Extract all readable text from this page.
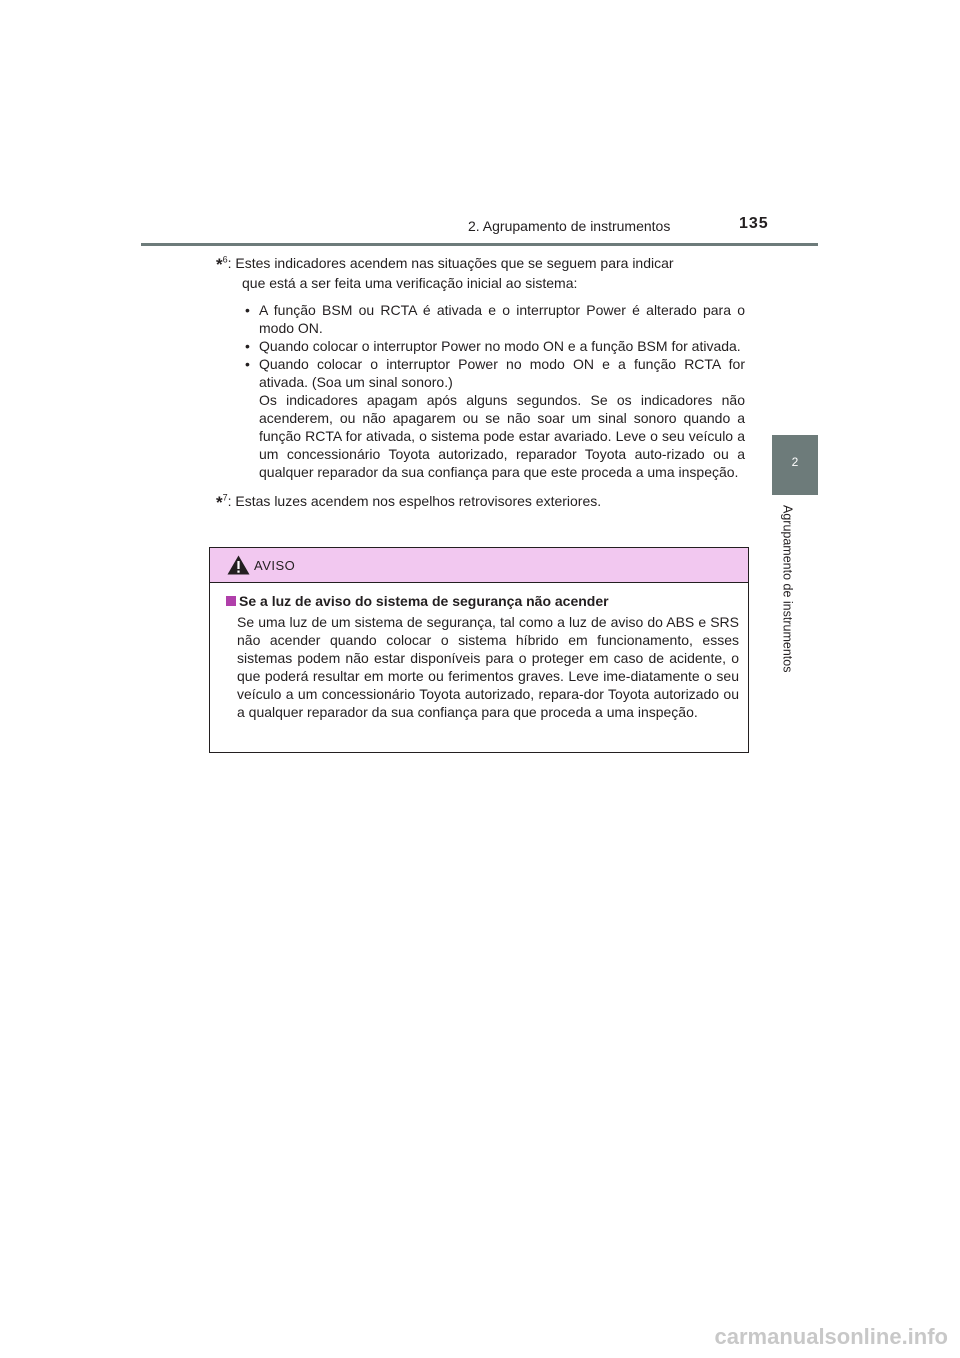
2. Agrupamento de instrumentos	135
2
Agrupamento de instrumentos
*$^6$ : Estes indicadores acendem nas situações que se seguem para indicar
que está a ser feita uma verificação inicial ao sistema:
• A função BSM ou RCTA é ativada e o interruptor Power é alterado para o modo ON.
• Quando colocar o interruptor Power no modo ON e a função BSM for ativada.
• Quando colocar o interruptor Power no modo ON e a função RCTA for ativada. (Soa um sinal sonoro.)
Os indicadores apagam após alguns segundos. Se os indicadores não acenderem, ou não apagarem ou se não soar um sinal sonoro quando a função RCTA for ativada, o sistema pode estar avariado. Leve o seu veículo a um concessionário Toyota autorizado, reparador Toyota auto-rizado ou a qualquer reparador da sua confiança para que este proceda a uma inspeção.
*$^7$ : Estas luzes acendem nos espelhos retrovisores exteriores.
AVISO
Se a luz de aviso do sistema de segurança não acender
Se uma luz de um sistema de segurança, tal como a luz de aviso do ABS e SRS não acender quando colocar o sistema híbrido em funcionamento, esses sistemas podem não estar disponíveis para o proteger em caso de acidente, o que poderá resultar em morte ou ferimentos graves. Leve ime-diatamente o seu veículo a um concessionário Toyota autorizado, repara-dor Toyota autorizado ou a qualquer reparador da sua confiança para que proceda a uma inspeção.
carmanualsonline.info
